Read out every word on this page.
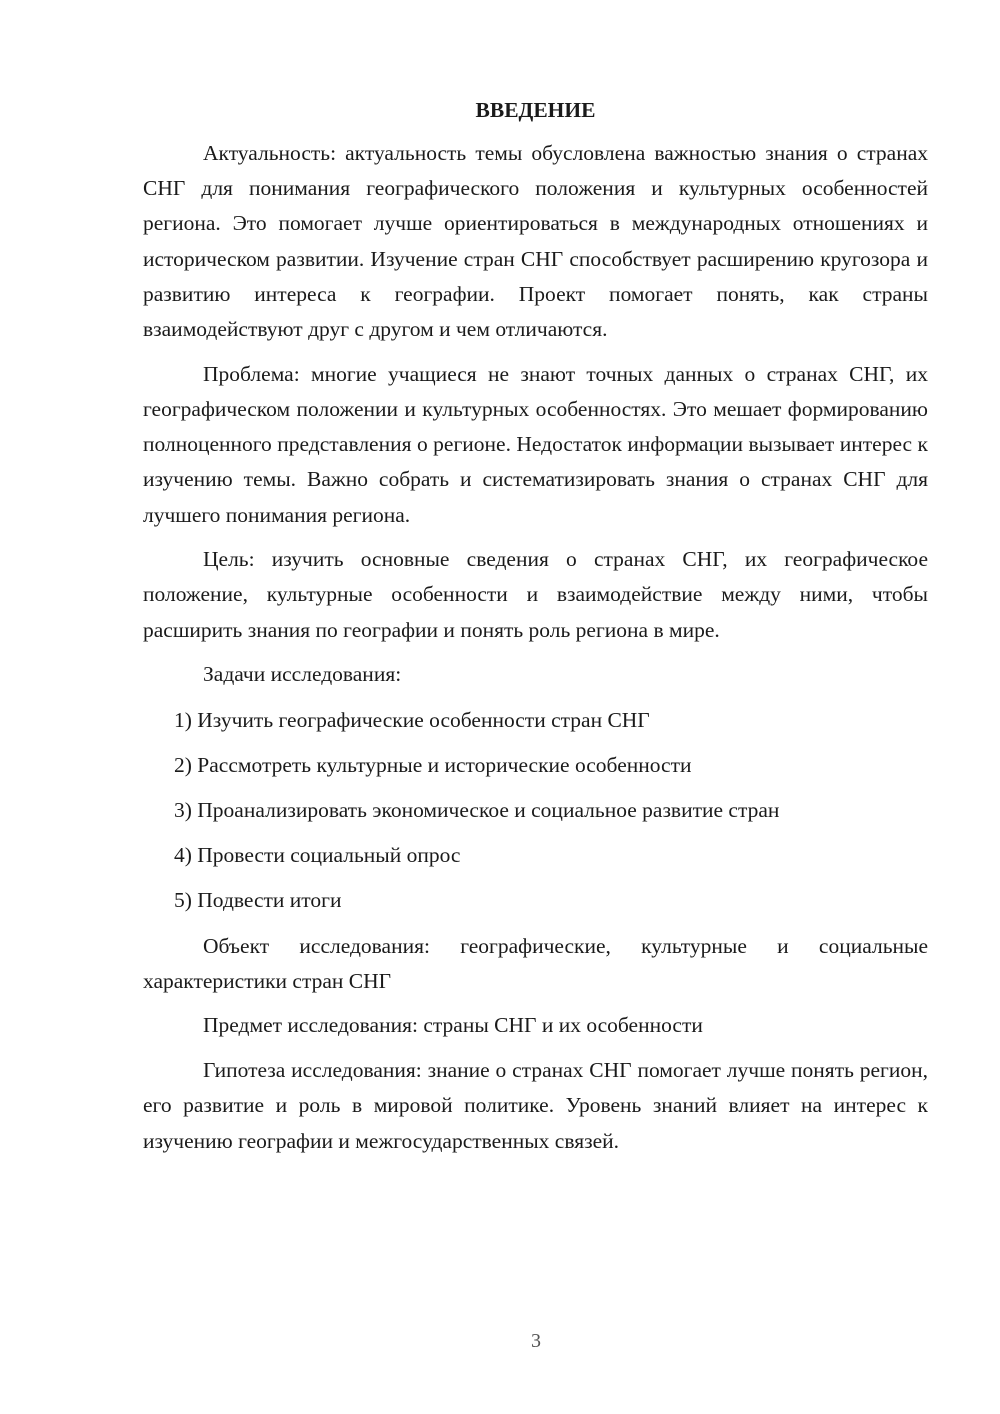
ВВЕДЕНИЕ

Актуальность: актуальность темы обусловлена важностью знания о странах СНГ для понимания географического положения и культурных особенностей региона. Это помогает лучше ориентироваться в международных отношениях и историческом развитии. Изучение стран СНГ способствует расширению кругозора и развитию интереса к географии. Проект помогает понять, как страны взаимодействуют друг с другом и чем отличаются.

Проблема: многие учащиеся не знают точных данных о странах СНГ, их географическом положении и культурных особенностях. Это мешает формированию полноценного представления о регионе. Недостаток информации вызывает интерес к изучению темы. Важно собрать и систематизировать знания о странах СНГ для лучшего понимания региона.

Цель: изучить основные сведения о странах СНГ, их географическое положение, культурные особенности и взаимодействие между ними, чтобы расширить знания по географии и понять роль региона в мире.

Задачи исследования:

1) Изучить географические особенности стран СНГ
2) Рассмотреть культурные и исторические особенности
3) Проанализировать экономическое и социальное развитие стран
4) Провести социальный опрос
5) Подвести итоги

Объект исследования: географические, культурные и социальные характеристики стран СНГ

Предмет исследования: страны СНГ и их особенности

Гипотеза исследования: знание о странах СНГ помогает лучше понять регион, его развитие и роль в мировой политике. Уровень знаний влияет на интерес к изучению географии и межгосударственных связей.

3
